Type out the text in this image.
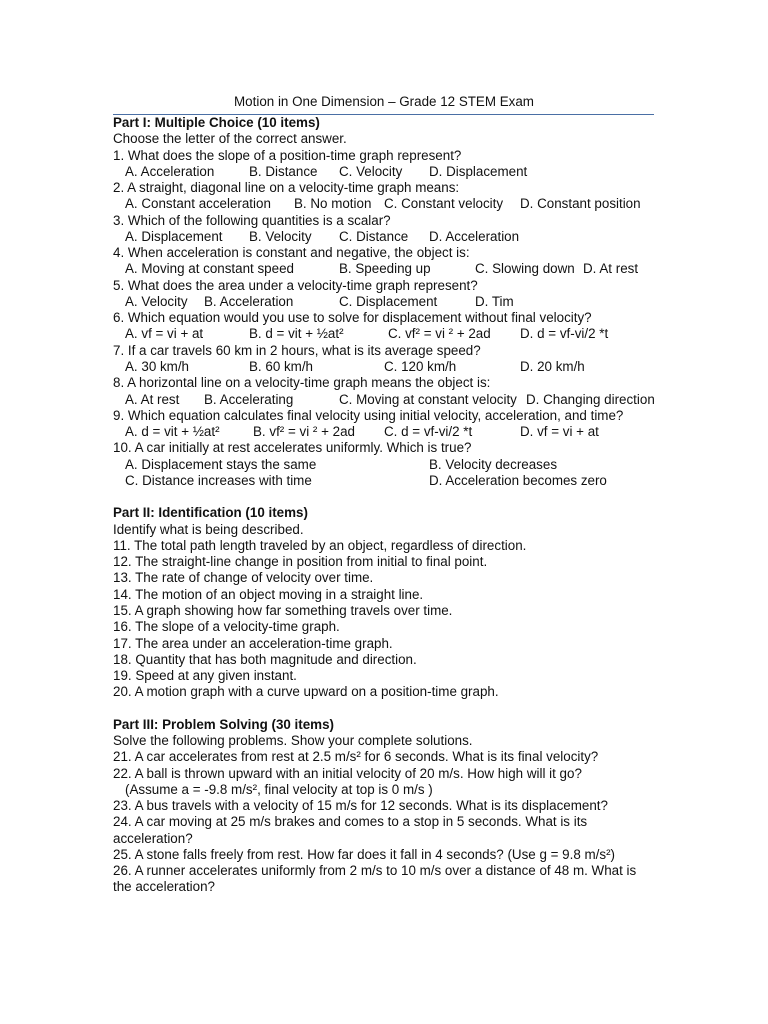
Motion in One Dimension – Grade 12 STEM Exam
Part I: Multiple Choice (10 items)
Choose the letter of the correct answer.
1. What does the slope of a position-time graph represent?
A. Acceleration	B. Distance C. Velocity D. Displacement
2. A straight, diagonal line on a velocity-time graph means:
A. Constant acceleration B. No motion C. Constant velocity D. Constant position
3. Which of the following quantities is a scalar?
A. Displacement B. Velocity C. Distance D. Acceleration
4. When acceleration is constant and negative, the object is:
A. Moving at constant speed	B. Speeding up	C. Slowing down D. At rest
5. What does the area under a velocity-time graph represent?
A. Velocity B. Acceleration	C. Displacement	D. Tim
6. Which equation would you use to solve for displacement without final velocity?
A. vf = vi + at	B. d = vit + ½at²	C. vf² = vi ² + 2ad D. d = vf-vi/2 *t
7. If a car travels 60 km in 2 hours, what is its average speed?
A. 30 km/h	B. 60 km/h	C. 120 km/h	D. 20 km/h
8. A horizontal line on a velocity-time graph means the object is:
A. At rest B. Accelerating	C. Moving at constant velocity D. Changing direction
9. Which equation calculates final velocity using initial velocity, acceleration, and time?
A. d = vit + ½at² B. vf² = vi ² + 2ad C. d = vf-vi/2 *t	D. vf = vi + at
10. A car initially at rest accelerates uniformly. Which is true?
A. Displacement stays the same	B. Velocity decreases
C. Distance increases with time	D. Acceleration becomes zero
Part II: Identification (10 items)
Identify what is being described.
11. The total path length traveled by an object, regardless of direction.
12. The straight-line change in position from initial to final point.
13. The rate of change of velocity over time.
14. The motion of an object moving in a straight line.
15. A graph showing how far something travels over time.
16. The slope of a velocity-time graph.
17. The area under an acceleration-time graph.
18. Quantity that has both magnitude and direction.
19. Speed at any given instant.
20. A motion graph with a curve upward on a position-time graph.
Part III: Problem Solving (30 items)
Solve the following problems. Show your complete solutions.
21. A car accelerates from rest at 2.5 m/s² for 6 seconds. What is its final velocity?
22. A ball is thrown upward with an initial velocity of 20 m/s. How high will it go?
(Assume a = -9.8 m/s², final velocity at top is 0 m/s )
23. A bus travels with a velocity of 15 m/s for 12 seconds. What is its displacement?
24. A car moving at 25 m/s brakes and comes to a stop in 5 seconds. What is its
acceleration?
25. A stone falls freely from rest. How far does it fall in 4 seconds? (Use g = 9.8 m/s²)
26. A runner accelerates uniformly from 2 m/s to 10 m/s over a distance of 48 m. What is
the acceleration?
